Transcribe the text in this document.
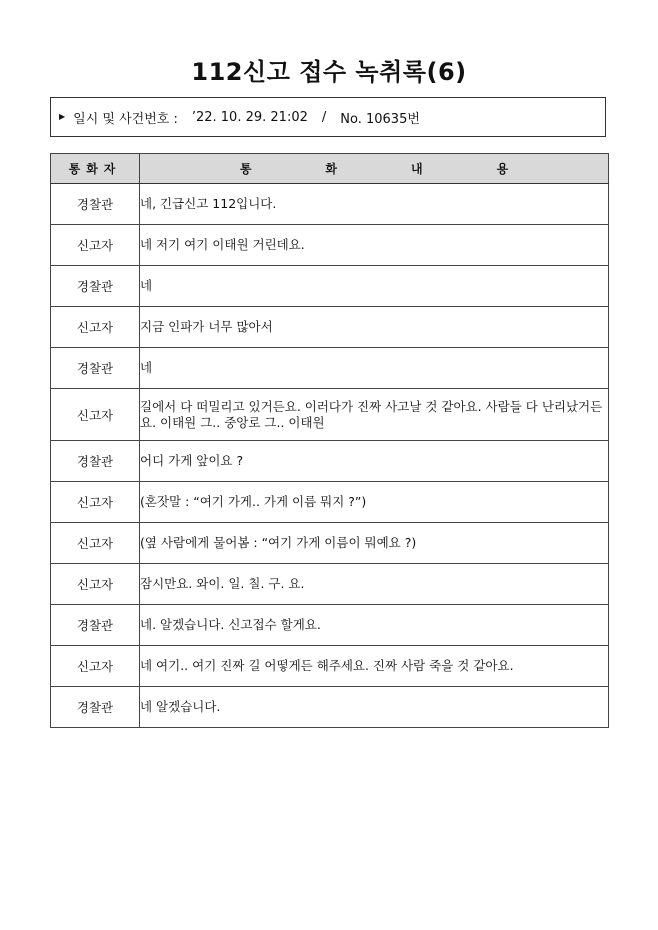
112신고 접수 녹취록(6)
▶ 일시 및 사건번호 : ’22. 10. 29. 21:02 / No. 10635번
통화자	통 화 내 용
경찰관	네, 긴급신고 112입니다.
신고자	네 저기 여기 이태원 거린데요.
경찰관	네
신고자	지금 인파가 너무 많아서
경찰관	네
신고자	길에서 다 떠밀리고 있거든요. 이러다가 진짜 사고날 것 같아요. 사람들 다 난리났거든요. 이태원 그.. 중앙로 그.. 이태원
경찰관	어디 가게 앞이요 ?
신고자	(혼잣말 : “여기 가게.. 가게 이름 뭐지 ?”)
신고자	(옆 사람에게 물어봄 : “여기 가게 이름이 뭐예요 ?)
신고자	잠시만요. 와이. 일. 칠. 구. 요.
경찰관	네. 알겠습니다. 신고접수 할게요.
신고자	네 여기.. 여기 진짜 길 어떻게든 해주세요. 진짜 사람 죽을 것 같아요.
경찰관	네 알겠습니다.
